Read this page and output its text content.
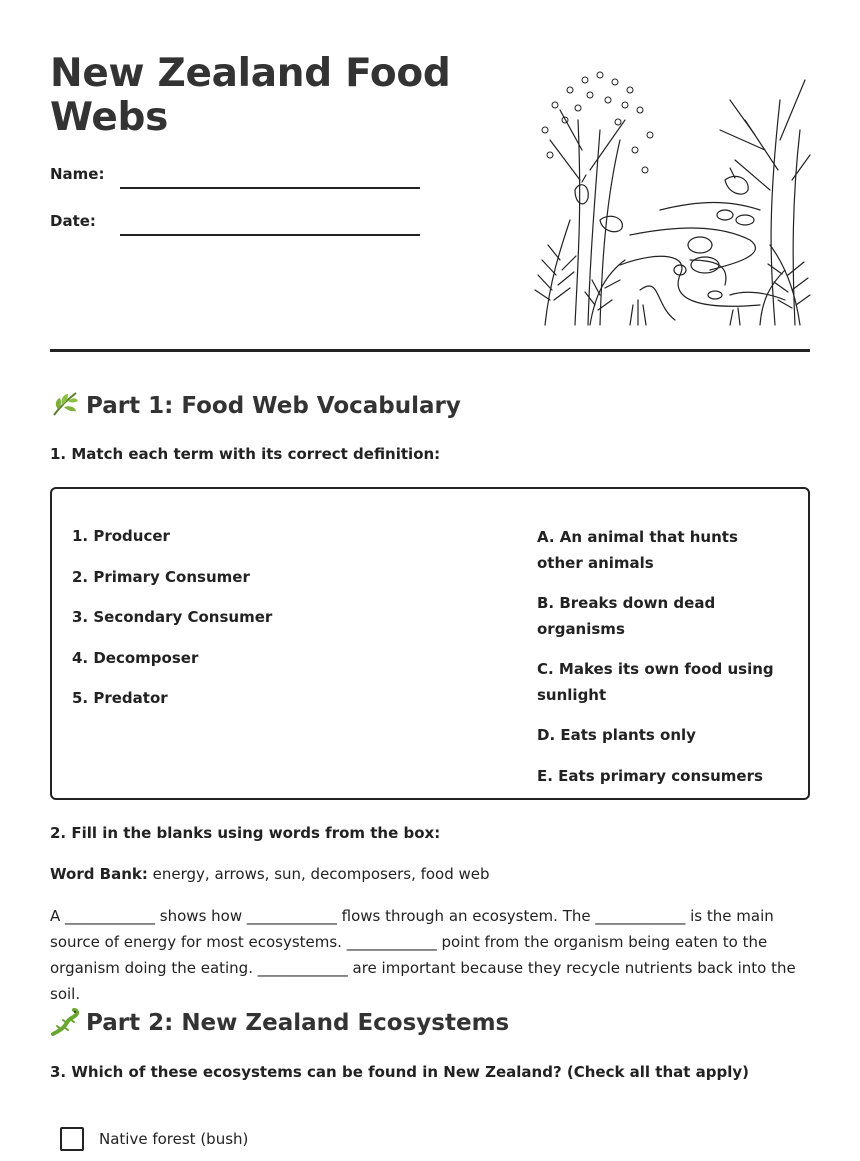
New Zealand Food Webs
Name:
Date:
Part 1: Food Web Vocabulary
1. Match each term with its correct definition:
1. Producer
2. Primary Consumer
3. Secondary Consumer
4. Decomposer
5. Predator
A. An animal that hunts other animals
B. Breaks down dead organisms
C. Makes its own food using sunlight
D. Eats plants only
E. Eats primary consumers
2. Fill in the blanks using words from the box:
Word Bank: energy, arrows, sun, decomposers, food web
A ____________ shows how ____________ flows through an ecosystem. The ____________ is the main source of energy for most ecosystems. ____________ point from the organism being eaten to the organism doing the eating. ____________ are important because they recycle nutrients back into the soil.
Part 2: New Zealand Ecosystems
3. Which of these ecosystems can be found in New Zealand? (Check all that apply)
Native forest (bush)
